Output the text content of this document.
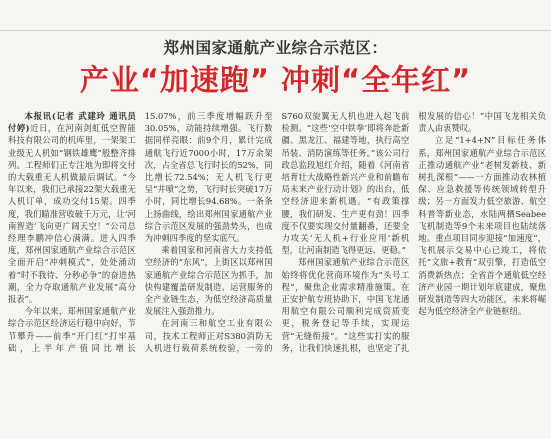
郑州国家通航产业综合示范区：
产业“加速跑” 冲刺“全年红”

本报讯(记者 武建玲 通讯员 付婷)近日，在河南剑虹低空智能科技有限公司的机库里，一架架工业级无人机如“钢铁雄鹰”般整齐排列。工程师们正专注地为即将交付的大载重无人机做最后调试。“今年以来，我们已承接22架大载重无人机订单，成功交付15架。四季度，我们瞄准营收破千万元，让‘河南智造’飞向更广阔天空！”公司总经理李鹏冲信心满满。进入四季度，郑州国家通航产业综合示范区全面开启“冲刺模式”，处处涌动着“时不我待、分秒必争”的奋进热潮，全力夺取通航产业发展“高分报表”。

今年以来，郑州国家通航产业综合示范区经济运行稳中向好，节节攀升——前季“开门红”打牢基础，上半年产值同比增长15.07%，前三季度增幅跃升至30.05%，动能持续增强。飞行数据同样亮眼：前9个月，累计完成通航飞行近7000小时，17万余架次，占全省总飞行时长的52%，同比增长72.54%；无人机飞行更呈“井喷”之势，飞行时长突破17万小时，同比增长94.68%。一条条上扬曲线，绘出郑州国家通航产业综合示范区发展的强劲势头，也成为冲刺四季度的坚实底气。

乘着国家和河南省大力支持低空经济的“东风”，上街区以郑州国家通航产业综合示范区为抓手，加快构建覆盖研发制造、运营服务的全产业链生态，为低空经济高质量发展注入强劲推力。

在河南三和航空工业有限公司，技术工程师正对S380消防无人机进行载荷系统校验，一旁的S760双旋翼无人机也进入起飞前检测。“这些‘空中铁拳’即将奔赴新疆、黑龙江、福建等地，执行高空吊装、消防演练等任务。”该公司行政总监段旭红介绍，随着《河南省培育壮大战略性新兴产业和前瞻布局未来产业行动计划》的出台，低空经济迎来新机遇。“有政策撑腰，我们研发、生产更有劲！四季度不仅要实现交付量翻番，还要全力攻关‘无人机+行业应用’新机型，让河南制造飞得更远、更稳。”

郑州国家通航产业综合示范区始终将优化营商环境作为“头号工程”，聚焦企业需求精准施策。在正安护航专班协助下，中国飞龙通用航空有限公司顺利完成资质变更，税务登记等手续，实现运营“无缝衔接”。“这些实打实的服务，让我们快速扎根，也坚定了扎根发展的信心！”中国飞龙相关负责人由衷赞叹。

立足“1+4+N”目标任务体系，郑州国家通航产业综合示范区正推动通航产业“老树发新枝、新树扎深根”——一方面推动农林植保、应急救援等传统领域转型升级；另一方面发力低空旅游、航空科普等新业态，水陆两栖Seabee飞机制造等9个未来项目也陆续落地。重点项目同步迎接“加速度”，飞机展示交易中心已竣工，将依托“文旅+教育”双引擎，打造低空消费新热点；全省首个通航低空经济产业园一期计划年底建成，聚焦研发制造等四大功能区，未来将崛起为低空经济全产业链枢纽。
